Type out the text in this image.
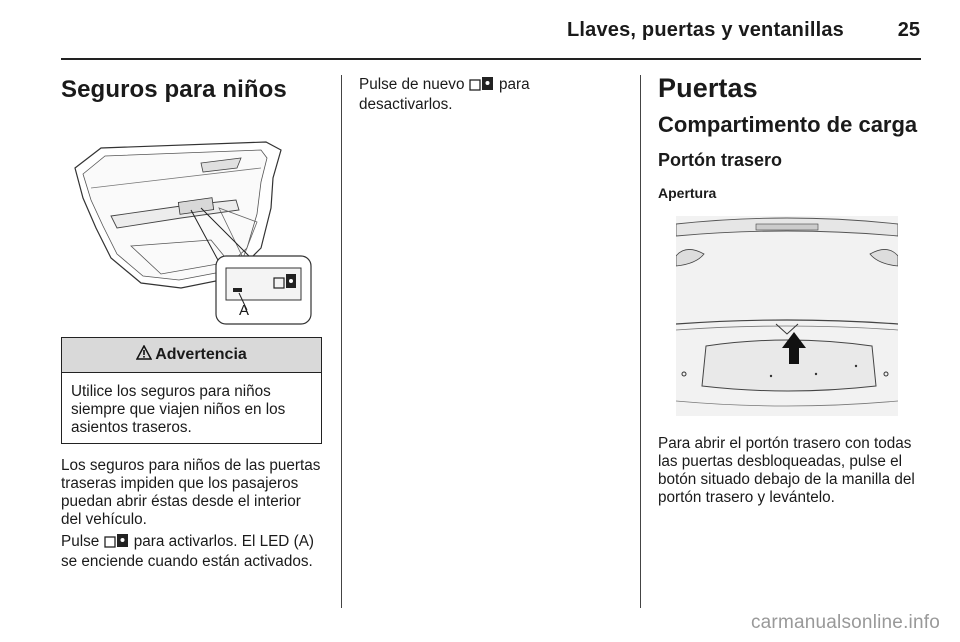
Llaves, puertas y ventanillas	25
Seguros para niños
A
Advertencia
Utilice los seguros para niños siempre que viajen niños en los asientos traseros.

Los seguros para niños de las puertas traseras impiden que los pasajeros puedan abrir éstas desde el interior del vehículo.

Pulse  para activarlos. El LED (A) se enciende cuando están activados.

Pulse de nuevo  para desactivarlos.

Puertas
Compartimento de carga
Portón trasero
Apertura

Para abrir el portón trasero con todas las puertas desbloqueadas, pulse el botón situado debajo de la manilla del portón trasero y levántelo.

carmanualsonline.info
